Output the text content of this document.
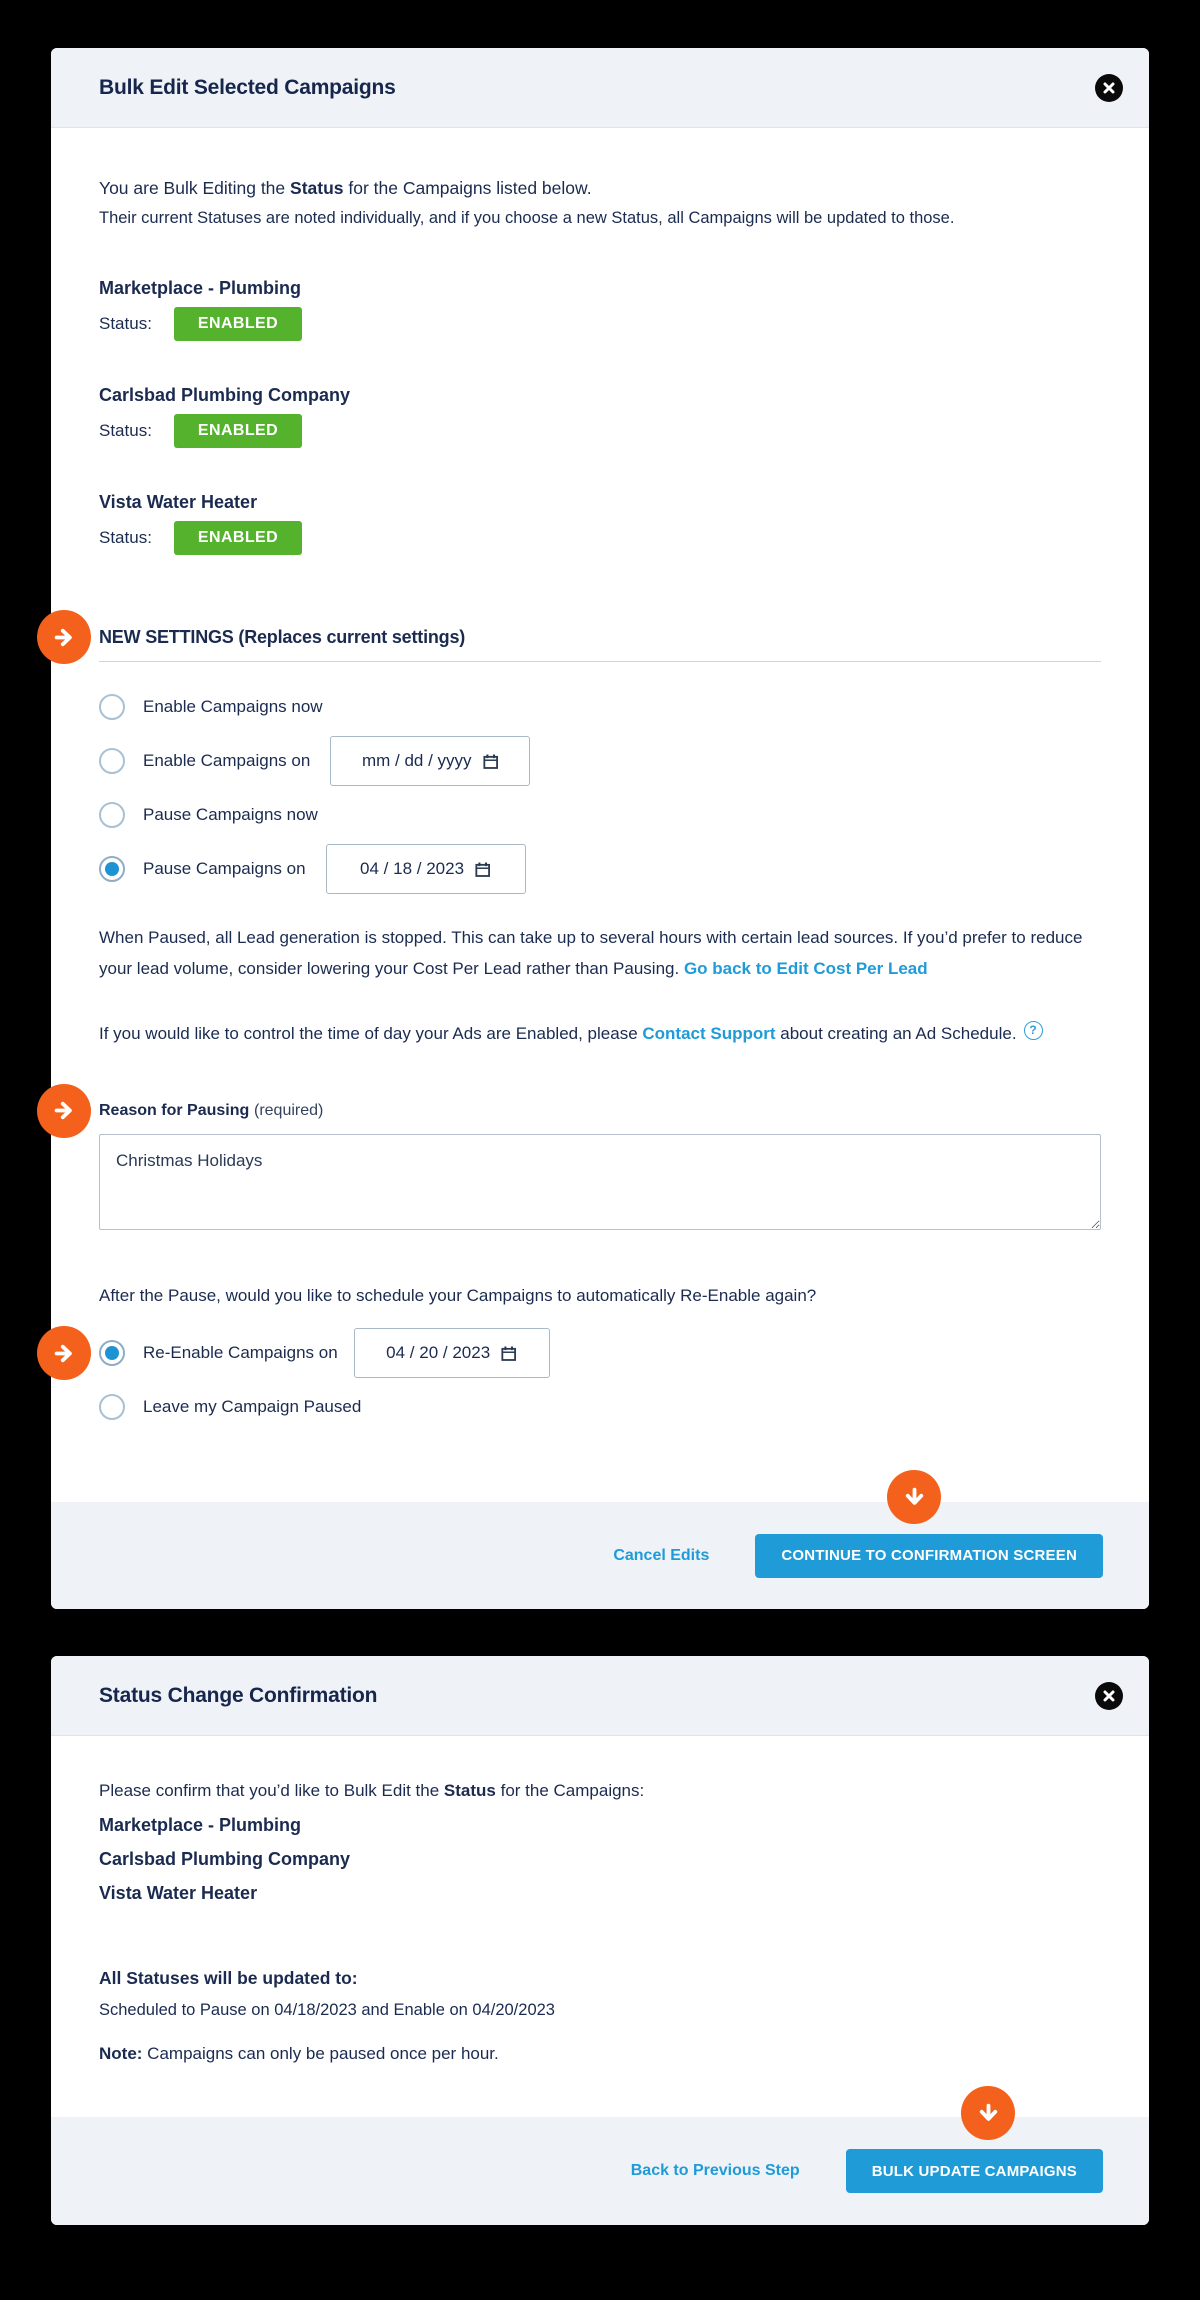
Bulk Edit Selected Campaigns

You are Bulk Editing the Status for the Campaigns listed below.

Their current Statuses are noted individually, and if you choose a new Status, all Campaigns will be updated to those.

Marketplace - Plumbing
Status:	ENABLED
Carlsbad Plumbing Company
Status:	ENABLED
Vista Water Heater
Status:	ENABLED
NEW SETTINGS (Replaces current settings)
Enable Campaigns now
Enable Campaigns on	mm / dd / yyyy
Pause Campaigns now
Pause Campaigns on	04 / 18 / 2023

When Paused, all Lead generation is stopped. This can take up to several hours with certain lead sources. If you’d prefer to reduce your lead volume, consider lowering your Cost Per Lead rather than Pausing. Go back to Edit Cost Per Lead

If you would like to control the time of day your Ads are Enabled, please Contact Support about creating an Ad Schedule. ?

Reason for Pausing (required)
Christmas Holidays

After the Pause, would you like to schedule your Campaigns to automatically Re-Enable again?

Re-Enable Campaigns on	04 / 20 / 2023
Leave my Campaign Paused
Cancel Edits	CONTINUE TO CONFIRMATION SCREEN
Status Change Confirmation

Please confirm that you’d like to Bulk Edit the Status for the Campaigns:

Marketplace - Plumbing
Carlsbad Plumbing Company
Vista Water Heater

All Statuses will be updated to:

Scheduled to Pause on 04/18/2023 and Enable on 04/20/2023

Note: Campaigns can only be paused once per hour.

Back to Previous Step	BULK UPDATE CAMPAIGNS
